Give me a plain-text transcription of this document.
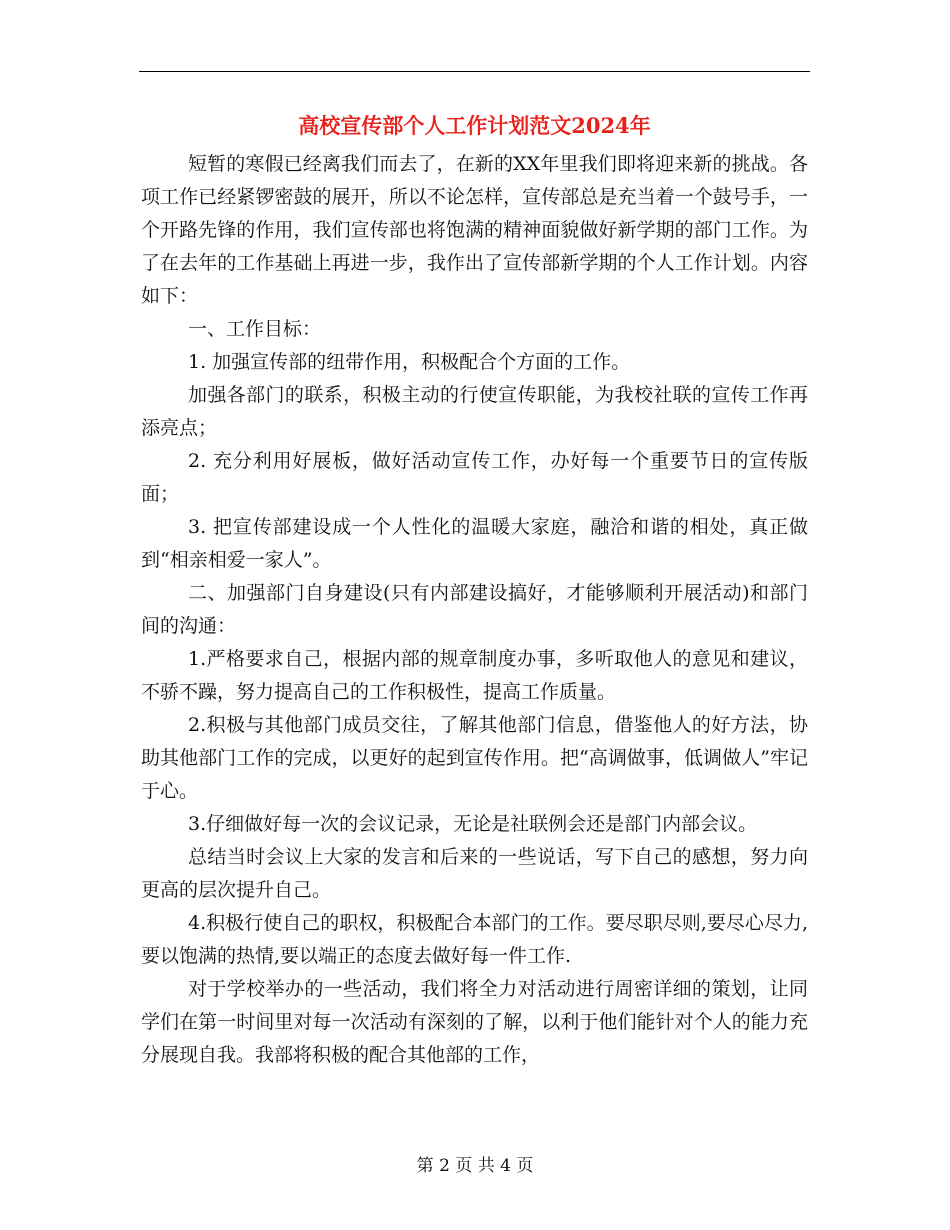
高校宣传部个人工作计划范文2024年

短暂的寒假已经离我们而去了，在新的XX年里我们即将迎来新的挑战。各项工作已经紧锣密鼓的展开，所以不论怎样，宣传部总是充当着一个鼓号手，一个开路先锋的作用，我们宣传部也将饱满的精神面貌做好新学期的部门工作。为了在去年的工作基础上再进一步，我作出了宣传部新学期的个人工作计划。内容如下：

一、工作目标：

1. 加强宣传部的纽带作用，积极配合个方面的工作。

加强各部门的联系，积极主动的行使宣传职能，为我校社联的宣传工作再添亮点；

2. 充分利用好展板，做好活动宣传工作，办好每一个重要节日的宣传版面；

3. 把宣传部建设成一个人性化的温暖大家庭，融洽和谐的相处，真正做到“相亲相爱一家人”。

二、加强部门自身建设(只有内部建设搞好，才能够顺利开展活动)和部门间的沟通：

1.严格要求自己，根据内部的规章制度办事，多听取他人的意见和建议，不骄不躁，努力提高自己的工作积极性，提高工作质量。

2.积极与其他部门成员交往，了解其他部门信息，借鉴他人的好方法，协助其他部门工作的完成，以更好的起到宣传作用。把“高调做事，低调做人”牢记于心。

3.仔细做好每一次的会议记录，无论是社联例会还是部门内部会议。

总结当时会议上大家的发言和后来的一些说话，写下自己的感想，努力向更高的层次提升自己。

4.积极行使自己的职权，积极配合本部门的工作。要尽职尽则,要尽心尽力,要以饱满的热情,要以端正的态度去做好每一件工作.

对于学校举办的一些活动，我们将全力对活动进行周密详细的策划，让同学们在第一时间里对每一次活动有深刻的了解，以利于他们能针对个人的能力充分展现自我。我部将积极的配合其他部的工作，

第 2 页 共 4 页
